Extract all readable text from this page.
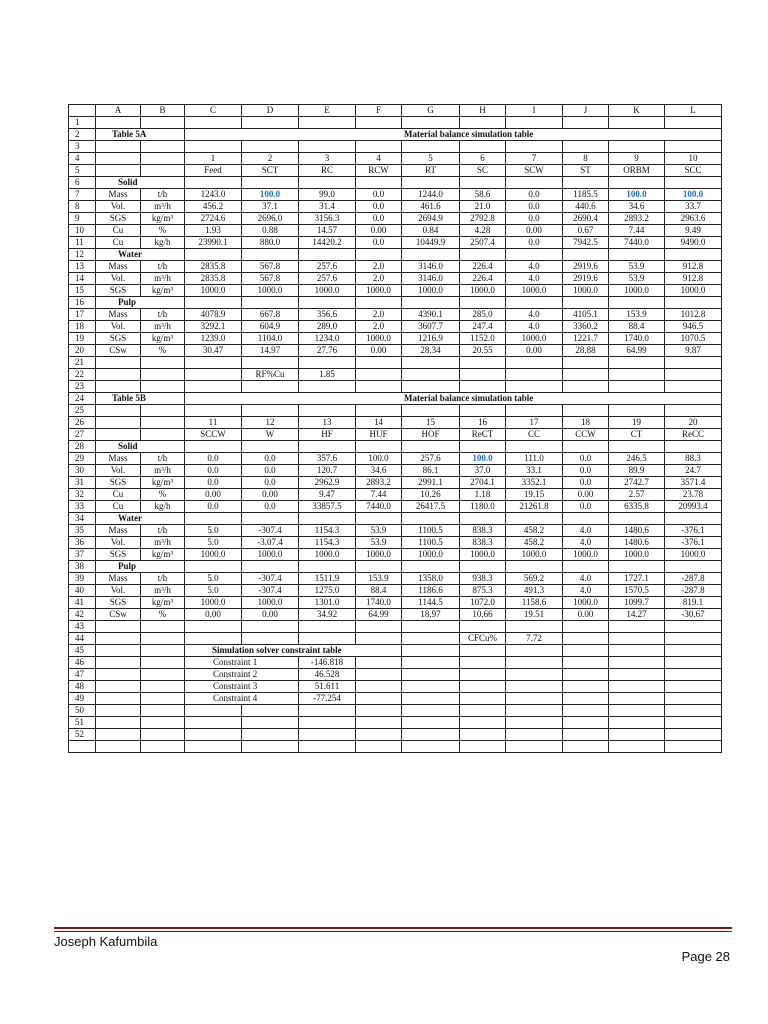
	A	B	C	D	E	F	G	H	I	J	K	L
1												
2	Table 5A						Material balance simulation table					
3												
4			1	2	3	4	5	6	7	8	9	10
5			Feed	SCT	RC	RCW	RT	SC	SCW	ST	ORBM	SCC
6	Solid											
7	Mass	t/h	1243.0	100.0	99.0	0.0	1244.0	58.6	0.0	1185.5	100.0	100.0
8	Vol.	m³/h	456.2	37.1	31.4	0.0	461.6	21.0	0.0	440.6	34.6	33.7
9	SGS	kg/m³	2724.6	2696.0	3156.3	0.0	2694.9	2792.8	0.0	2690.4	2893.2	2963.6
10	Cu	%	1.93	0.88	14.57	0.00	0.84	4.28	0.00	0.67	7.44	9.49
11	Cu	kg/h	23990.1	880.0	14420.2	0.0	10449.9	2507.4	0.0	7942.5	7440.0	9490.0
12	Water											
13	Mass	t/h	2835.8	567.8	257.6	2.0	3146.0	226.4	4.0	2919.6	53.9	912.8
14	Vol.	m³/h	2835.8	567.8	257.6	2.0	3146.0	226.4	4.0	2919.6	53.9	912.8
15	SGS	kg/m³	1000.0	1000.0	1000.0	1000.0	1000.0	1000.0	1000.0	1000.0	1000.0	1000.0
16	Pulp											
17	Mass	t/h	4078.9	667.8	356.6	2.0	4390.1	285.0	4.0	4105.1	153.9	1012.8
18	Vol.	m³/h	3292.1	604.9	289.0	2.0	3607.7	247.4	4.0	3360.2	88.4	946.5
19	SGS	kg/m³	1239.0	1104.0	1234.0	1000.0	1216.9	1152.0	1000.0	1221.7	1740.0	1070.5
20	CSw	%	30.47	14.97	27.76	0.00	28.34	20.55	0.00	28.88	64.99	9.87
21												
22				RF%Cu	1.85							
23												
24	Table 5B						Material balance simulation table					
25												
26			11	12	13	14	15	16	17	18	19	20
27			SCCW	W	HF	HUF	HOF	ReCT	CC	CCW	CT	ReCC
28	Solid											
29	Mass	t/h	0.0	0.0	357.6	100.0	257.6	100.0	111.0	0.0	246.5	88.3
30	Vol.	m³/h	0.0	0.0	120.7	34.6	86.1	37.0	33.1	0.0	89.9	24.7
31	SGS	kg/m³	0.0	0.0	2962.9	2893.2	2991.1	2704.1	3352.1	0.0	2742.7	3571.4
32	Cu	%	0.00	0.00	9.47	7.44	10.26	1.18	19.15	0.00	2.57	23.78
33	Cu	kg/h	0.0	0.0	33857.5	7440.0	26417.5	1180.0	21261.8	0.0	6335.8	20993.4
34	Water											
35	Mass	t/h	5.0	-307.4	1154.3	53.9	1100.5	838.3	458.2	4.0	1480.6	-376.1
36	Vol.	m³/h	5.0	-3.07.4	1154.3	53.9	1100.5	838.3	458.2	4.0	1480.6	-376.1
37	SGS	kg/m³	1000.0	1000.0	1000.0	1000.0	1000.0	1000.0	1000.0	1000.0	1000.0	1000.0
38	Pulp											
39	Mass	t/h	5.0	-307.4	1511.9	153.9	1358.0	938.3	569.2	4.0	1727.1	-287.8
40	Vol.	m³/h	5.0	-307.4	1275.0	88.4	1186.6	875.3	491.3	4.0	1570.5	-287.8
41	SGS	kg/m³	1000.0	1000.0	1301.0	1740.0	1144.5	1072.0	1158.6	1000.0	1099.7	819.1
42	CSw	%	0.00	0.00	34.92	64.99	18.97	10.66	19.51	0.00	14.27	-30.67
43												
44								CFCu%	7.72			
45			Simulation solver constraint table									
46			Constraint 1		-146.818							
47			Constraint 2		46.528							
48			Constraint 3		51.611							
49			Constraint 4		-77.254							
50												
51												
52												

Joseph Kafumbila
Page 28
